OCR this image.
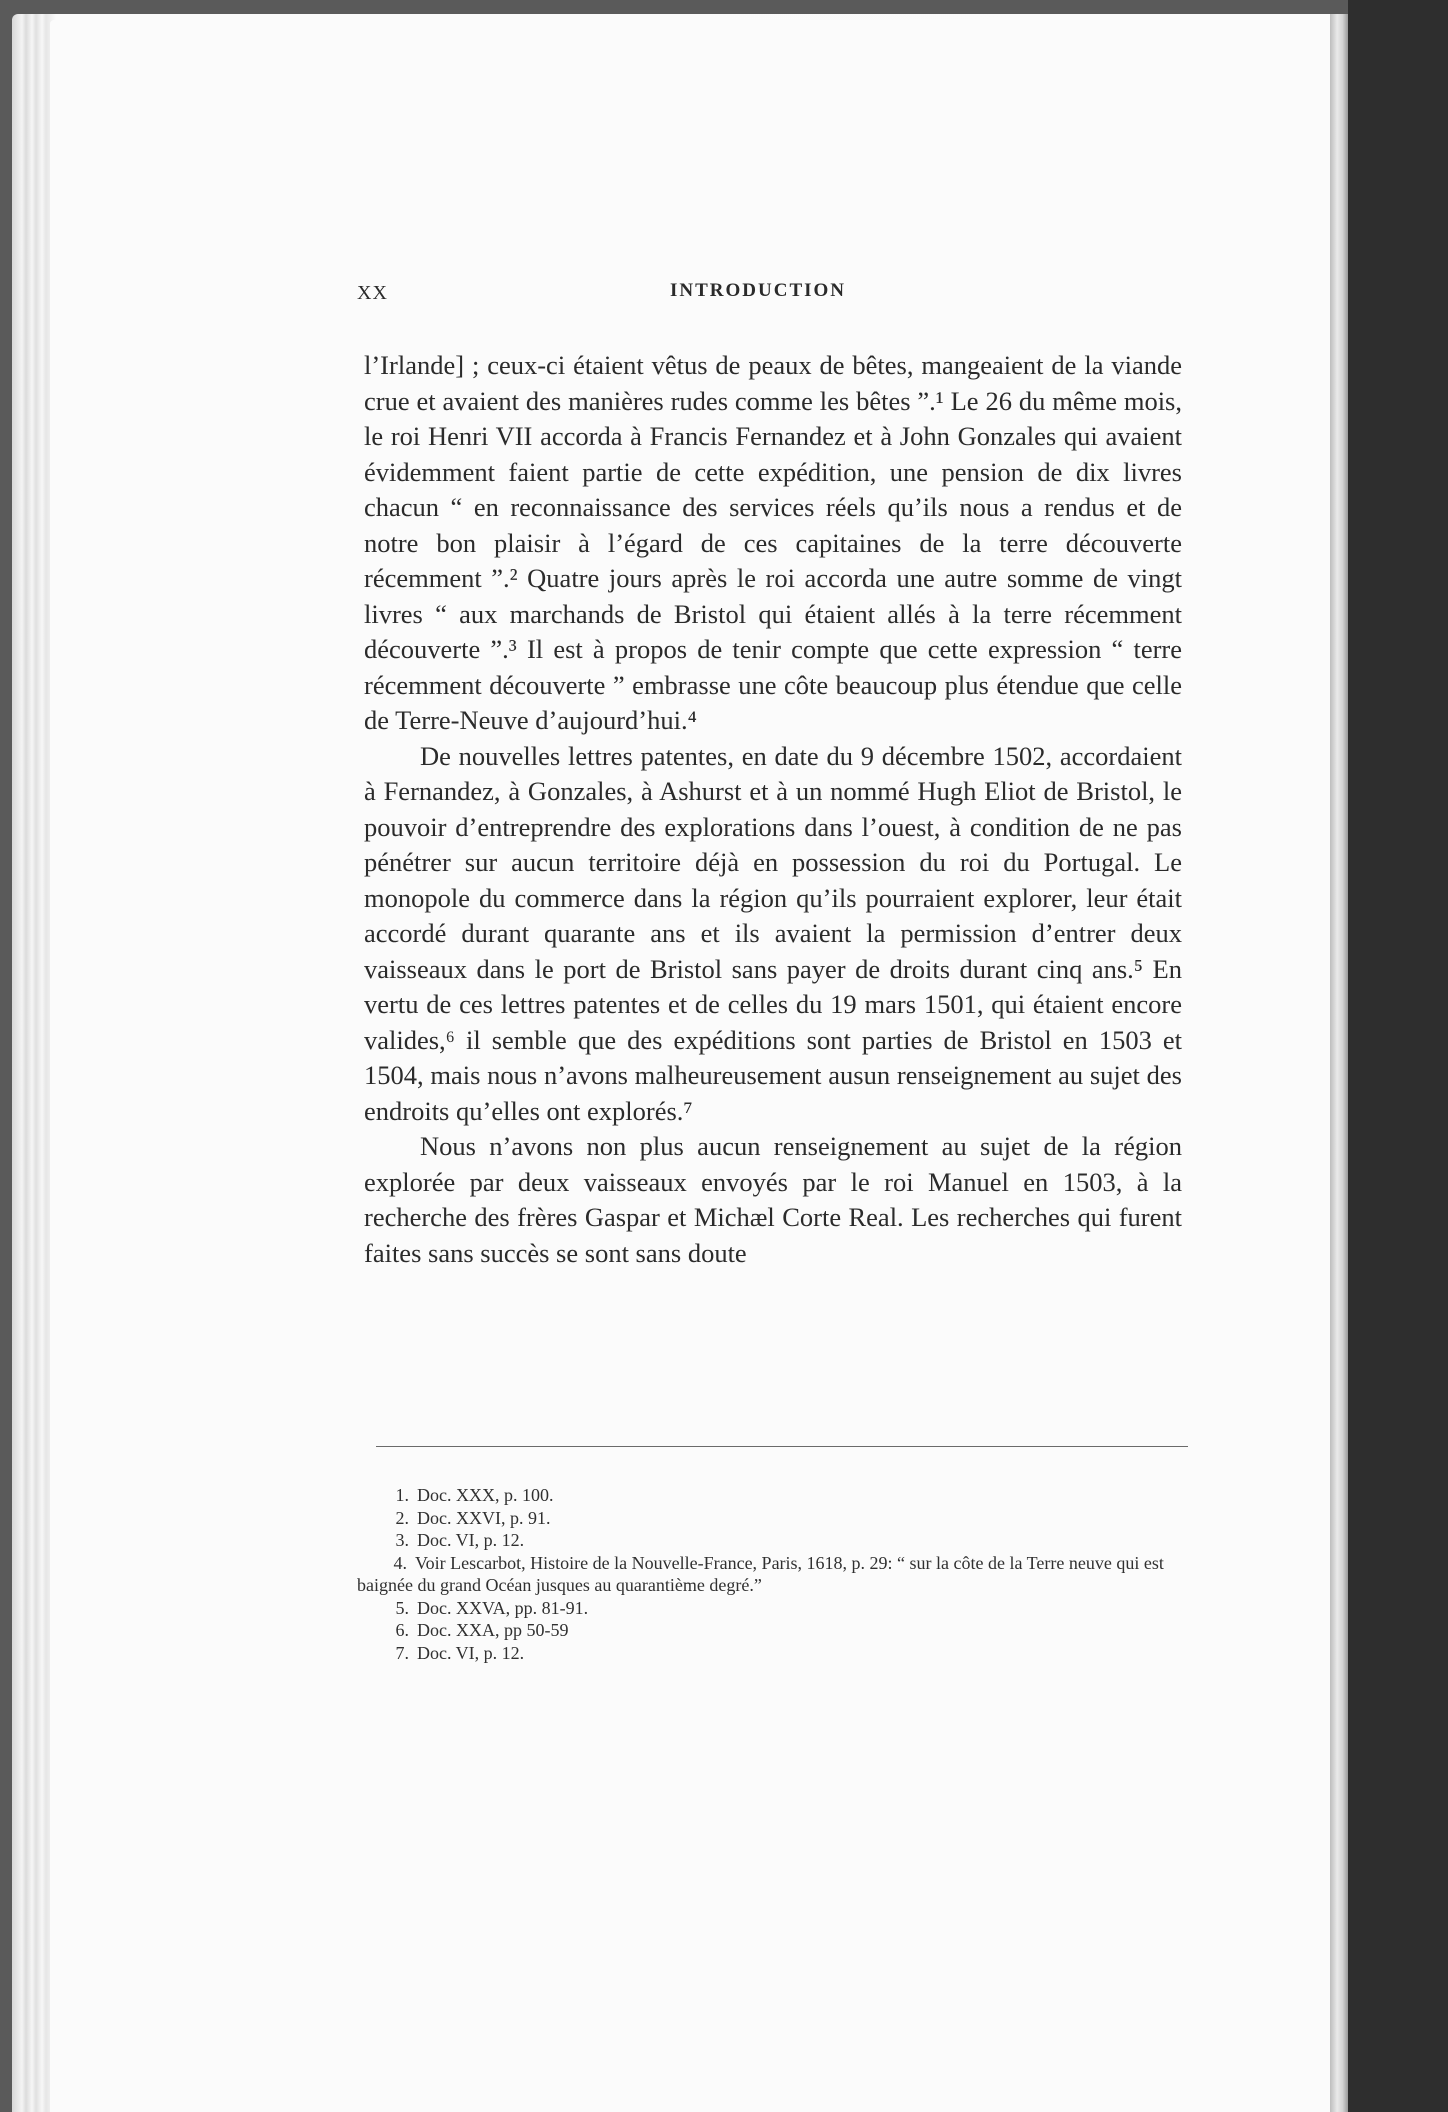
XX	INTRODUCTION

l’Irlande] ; ceux-ci étaient vêtus de peaux de bêtes, mangeaient de la viande crue et avaient des manières rudes comme les bêtes ”.¹ Le 26 du même mois, le roi Henri VII accorda à Francis Fernandez et à John Gonzales qui avaient évidemment faient partie de cette expédition, une pension de dix livres chacun “ en reconnaissance des services réels qu’ils nous a rendus et de notre bon plaisir à l’égard de ces capitaines de la terre découverte récemment ”.² Quatre jours après le roi accorda une autre somme de vingt livres “ aux marchands de Bristol qui étaient allés à la terre récemment découverte ”.³ Il est à propos de tenir compte que cette expression “ terre récemment découverte ” embrasse une côte beaucoup plus étendue que celle de Terre-Neuve d’aujourd’hui.⁴

De nouvelles lettres patentes, en date du 9 décembre 1502, accordaient à Fernandez, à Gonzales, à Ashurst et à un nommé Hugh Eliot de Bristol, le pouvoir d’entreprendre des explorations dans l’ouest, à condition de ne pas pénétrer sur aucun territoire déjà en possession du roi du Portugal. Le monopole du commerce dans la région qu’ils pourraient explorer, leur était accordé durant quarante ans et ils avaient la permission d’entrer deux vaisseaux dans le port de Bristol sans payer de droits durant cinq ans.⁵ En vertu de ces lettres patentes et de celles du 19 mars 1501, qui étaient encore valides,⁶ il semble que des expéditions sont parties de Bristol en 1503 et 1504, mais nous n’avons malheureusement ausun renseignement au sujet des endroits qu’elles ont explorés.⁷

Nous n’avons non plus aucun renseignement au sujet de la région explorée par deux vaisseaux envoyés par le roi Manuel en 1503, à la recherche des frères Gaspar et Michæl Corte Real. Les recherches qui furent faites sans succès se sont sans doute

1. Doc. XXX, p. 100.

2. Doc. XXVI, p. 91.

3. Doc. VI, p. 12.

4. Voir Lescarbot, Histoire de la Nouvelle-France, Paris, 1618, p. 29: “ sur la côte de la Terre neuve qui est baignée du grand Océan jusques au quarantième degré.”

5. Doc. XXVA, pp. 81-91.

6. Doc. XXA, pp 50-59

7. Doc. VI, p. 12.
